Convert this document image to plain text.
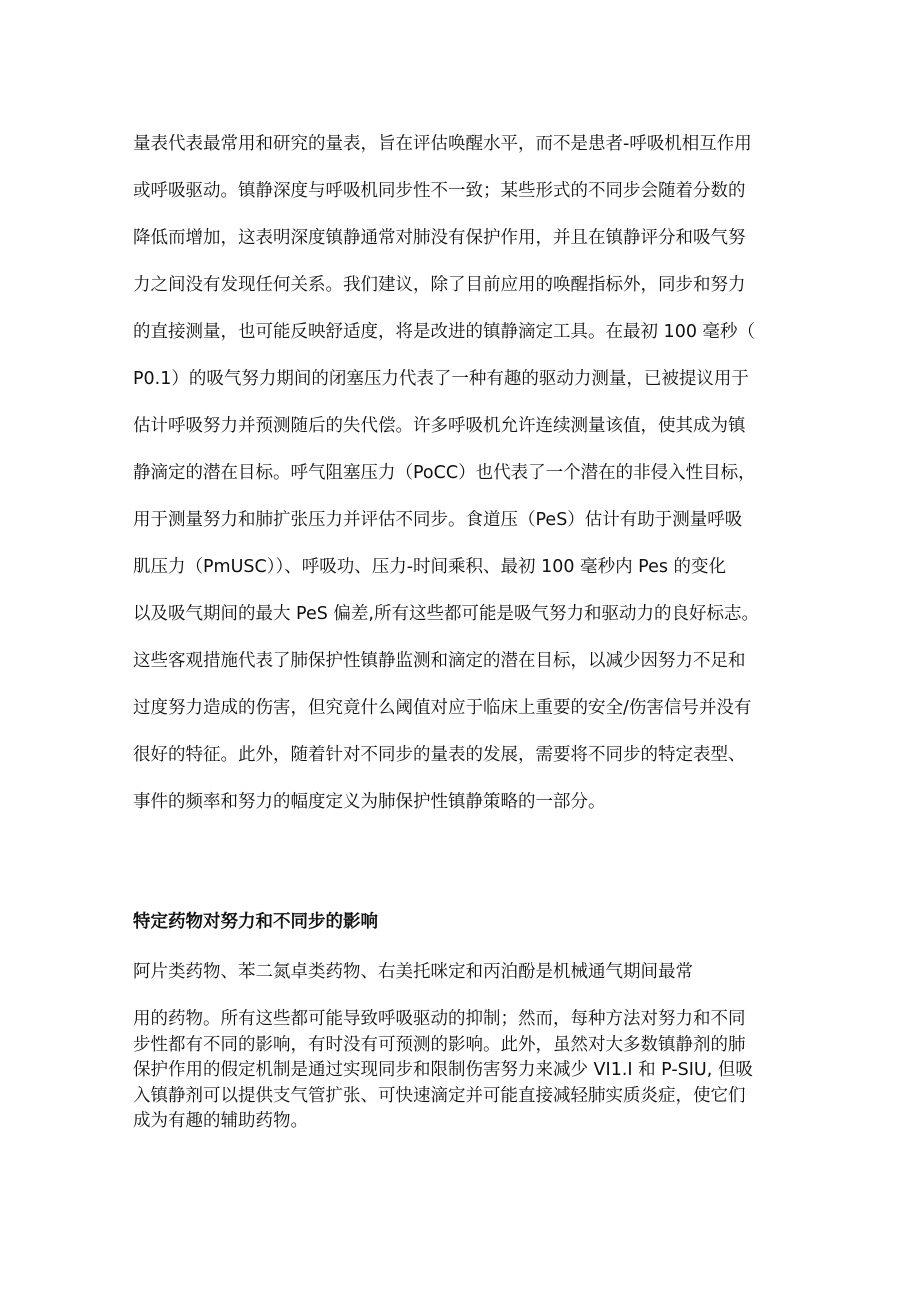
量表代表最常用和研究的量表，旨在评估唤醒水平，而不是患者-呼吸机相互作用
或呼吸驱动。镇静深度与呼吸机同步性不一致；某些形式的不同步会随着分数的
降低而增加，这表明深度镇静通常对肺没有保护作用，并且在镇静评分和吸气努
力之间没有发现任何关系。我们建议，除了目前应用的唤醒指标外，同步和努力
的直接测量，也可能反映舒适度，将是改进的镇静滴定工具。在最初 100 毫秒（
P0.1）的吸气努力期间的闭塞压力代表了一种有趣的驱动力测量，已被提议用于
估计呼吸努力并预测随后的失代偿。许多呼吸机允许连续测量该值，使其成为镇
静滴定的潜在目标。呼气阻塞压力（PoCC）也代表了一个潜在的非侵入性目标，
用于测量努力和肺扩张压力并评估不同步。食道压（PeS）估计有助于测量呼吸
肌压力（PmUSC））、呼吸功、压力-时间乘积、最初 100 毫秒内 Pes 的变化
以及吸气期间的最大 PeS 偏差,所有这些都可能是吸气努力和驱动力的良好标志。
这些客观措施代表了肺保护性镇静监测和滴定的潜在目标，以减少因努力不足和
过度努力造成的伤害，但究竟什么阈值对应于临床上重要的安全/伤害信号并没有
很好的特征。此外，随着针对不同步的量表的发展，需要将不同步的特定表型、
事件的频率和努力的幅度定义为肺保护性镇静策略的一部分。
特定药物对努力和不同步的影响

阿片类药物、苯二氮卓类药物、右美托咪定和丙泊酚是机械通气期间最常

用的药物。所有这些都可能导致呼吸驱动的抑制；然而，每种方法对努力和不同
步性都有不同的影响，有时没有可预测的影响。此外，虽然对大多数镇静剂的肺
保护作用的假定机制是通过实现同步和限制伤害努力来减少 VI1.I 和 P-SIU, 但吸
入镇静剂可以提供支气管扩张、可快速滴定并可能直接减轻肺实质炎症，使它们
成为有趣的辅助药物。
